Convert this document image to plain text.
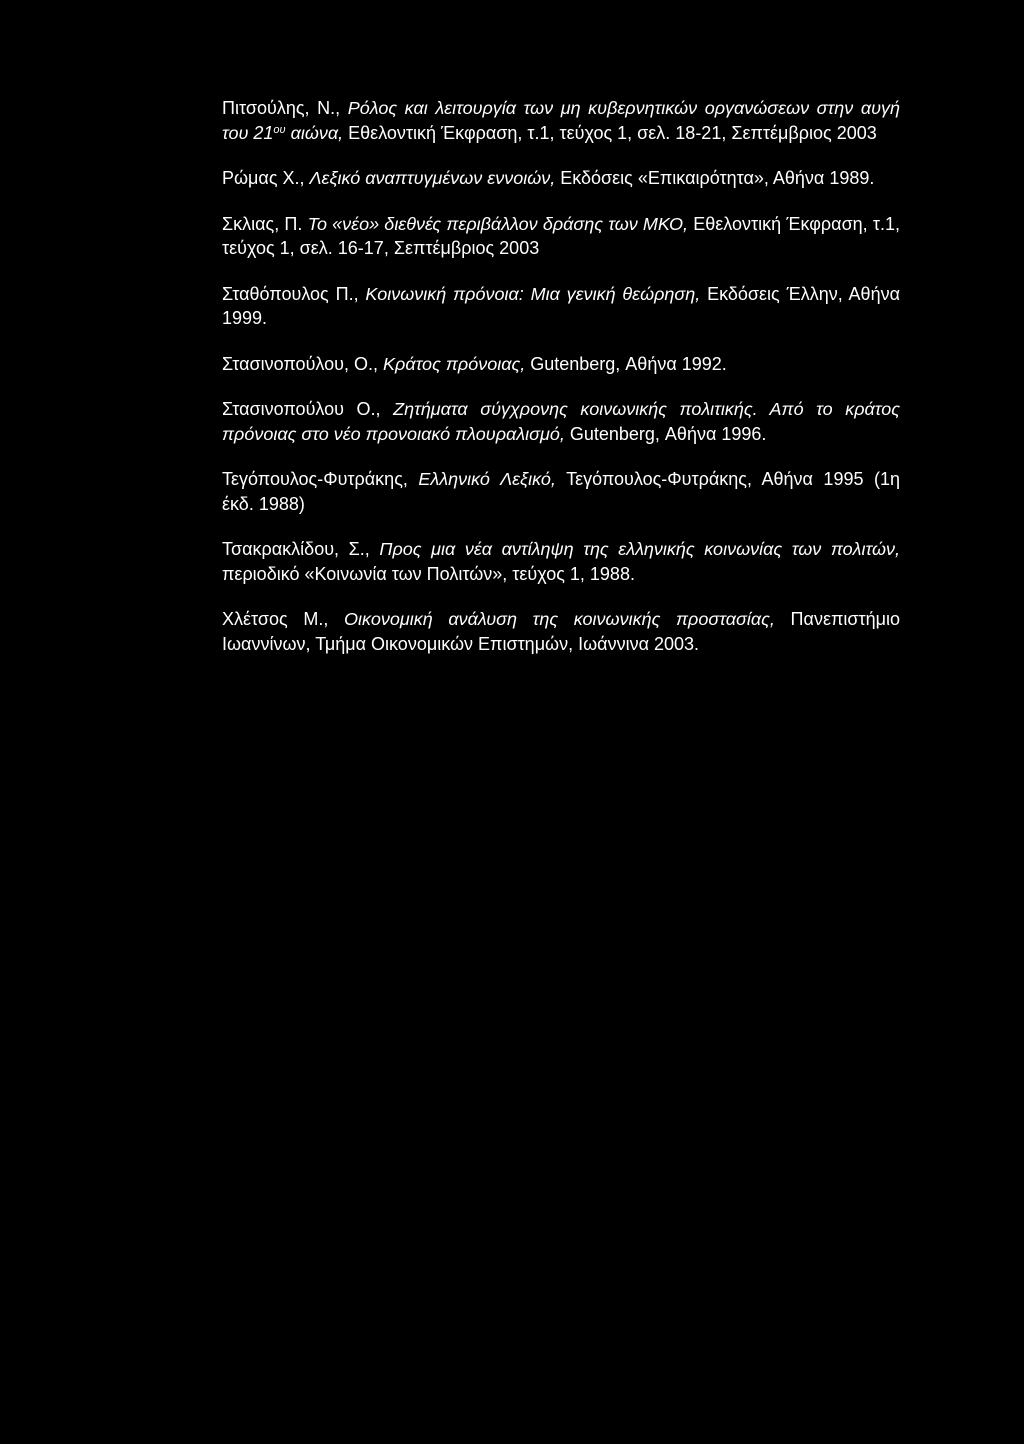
Πιτσούλης, Ν., Ρόλος και λειτουργία των μη κυβερνητικών οργανώσεων στην αυγή του $21^{o\upsilon}$ αιώνα, Εθελοντική Έκφραση, τ.1, τεύχος 1, σελ. 18-21, Σεπτέμβριος 2003

Ρώμας Χ., Λεξικό αναπτυγμένων εννοιών, Εκδόσεις «Επικαιρότητα», Αθήνα 1989.

Σκλιας, Π. Το «νέο» διεθνές περιβάλλον δράσης των ΜΚΟ, Εθελοντική Έκφραση, τ.1, τεύχος 1, σελ. 16-17, Σεπτέμβριος 2003

Σταθόπουλος Π., Κοινωνική πρόνοια: Μια γενική θεώρηση, Εκδόσεις Έλλην, Αθήνα 1999.

Στασινοπούλου, Ο., Κράτος πρόνοιας, Gutenberg, Αθήνα 1992.

Στασινοπούλου Ο., Ζητήματα σύγχρονης κοινωνικής πολιτικής. Από το κράτος πρόνοιας στο νέο προνοιακό πλουραλισμό, Gutenberg, Αθήνα 1996.

Τεγόπουλος-Φυτράκης, Ελληνικό Λεξικό, Τεγόπουλος-Φυτράκης, Αθήνα 1995 (1η έκδ. 1988)

Τσακρακλίδου, Σ., Προς μια νέα αντίληψη της ελληνικής κοινωνίας των πολιτών, περιοδικό «Κοινωνία των Πολιτών», τεύχος 1, 1988.

Χλέτσος Μ., Οικονομική ανάλυση της κοινωνικής προστασίας, Πανεπιστήμιο Ιωαννίνων, Τμήμα Οικονομικών Επιστημών, Ιωάννινα 2003.
